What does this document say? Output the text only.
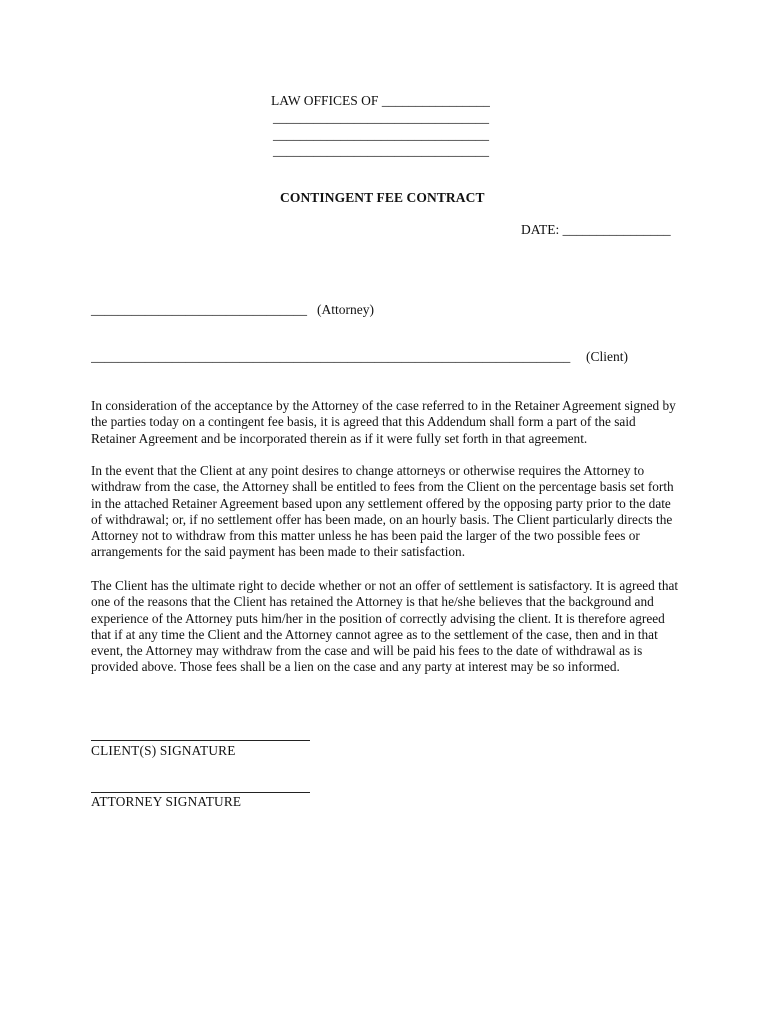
LAW OFFICES OF ________________
________________________________
________________________________
________________________________
CONTINGENT FEE CONTRACT
DATE: ________________
________________________________ (Attorney)
_______________________________________________________________________	(Client)
In consideration of the acceptance by the Attorney of the case referred to in the Retainer Agreement signed by the parties today on a contingent fee basis, it is agreed that this Addendum shall form a part of the said Retainer Agreement and be incorporated therein as if it were fully set forth in that agreement.
In the event that the Client at any point desires to change attorneys or otherwise requires the Attorney to withdraw from the case, the Attorney shall be entitled to fees from the Client on the percentage basis set forth in the attached Retainer Agreement based upon any settlement offered by the opposing party prior to the date of withdrawal; or, if no settlement offer has been made, on an hourly basis. The Client particularly directs the Attorney not to withdraw from this matter unless he has been paid the larger of the two possible fees or arrangements for the said payment has been made to their satisfaction.
The Client has the ultimate right to decide whether or not an offer of settlement is satisfactory. It is agreed that one of the reasons that the Client has retained the Attorney is that he/she believes that the background and experience of the Attorney puts him/her in the position of correctly advising the client. It is therefore agreed that if at any time the Client and the Attorney cannot agree as to the settlement of the case, then and in that event, the Attorney may withdraw from the case and will be paid his fees to the date of withdrawal as is provided above. Those fees shall be a lien on the case and any party at interest may be so informed.
CLIENT(S) SIGNATURE
ATTORNEY SIGNATURE
